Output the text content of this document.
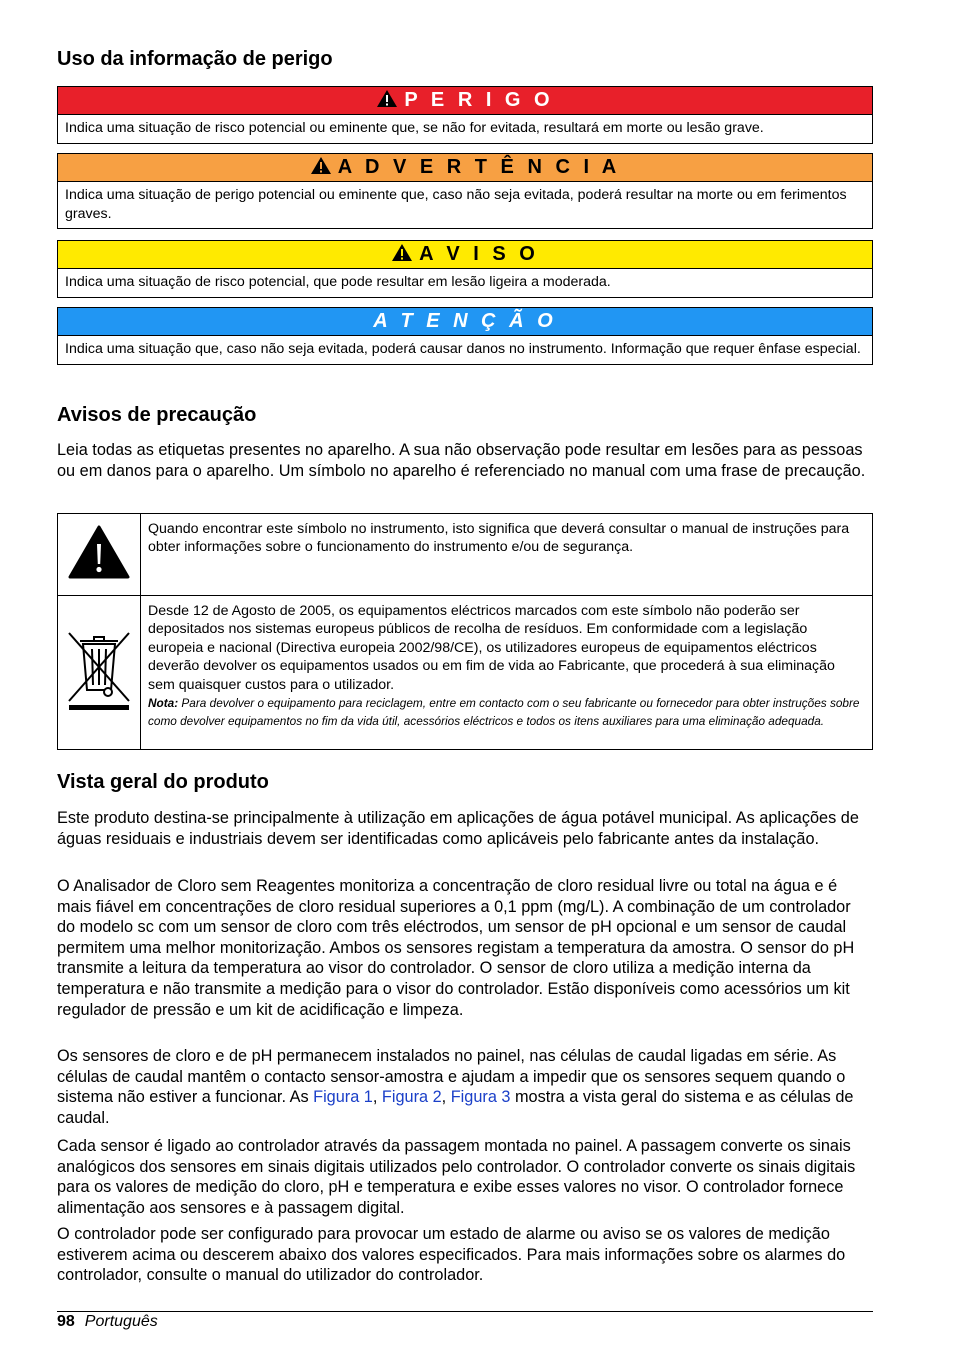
Uso da informação de perigo
P E R I G O
Indica uma situação de risco potencial ou eminente que, se não for evitada, resultará em morte ou lesão grave.
A D V E R T Ê N C I A
Indica uma situação de perigo potencial ou eminente que, caso não seja evitada, poderá resultar na morte ou em ferimentos graves.
A V I S O
Indica uma situação de risco potencial, que pode resultar em lesão ligeira a moderada.
A T E N Ç Ã O
Indica uma situação que, caso não seja evitada, poderá causar danos no instrumento. Informação que requer ênfase especial.
Avisos de precaução

Leia todas as etiquetas presentes no aparelho. A sua não observação pode resultar em lesões para as pessoas ou em danos para o aparelho. Um símbolo no aparelho é referenciado no manual com uma frase de precaução.

	Quando encontrar este símbolo no instrumento, isto significa que deverá consultar o manual de instruções para obter informações sobre o funcionamento do instrumento e/ou de segurança.
	Desde 12 de Agosto de 2005, os equipamentos eléctricos marcados com este símbolo não poderão ser depositados nos sistemas europeus públicos de recolha de resíduos. Em conformidade com a legislação europeia e nacional (Directiva europeia 2002/98/CE), os utilizadores europeus de equipamentos eléctricos deverão devolver os equipamentos usados ou em fim de vida ao Fabricante, que procederá à sua eliminação sem quaisquer custos para o utilizador.
Nota: Para devolver o equipamento para reciclagem, entre em contacto com o seu fabricante ou fornecedor para obter instruções sobre como devolver equipamentos no fim da vida útil, acessórios eléctricos e todos os itens auxiliares para uma eliminação adequada.
Vista geral do produto

Este produto destina-se principalmente à utilização em aplicações de água potável municipal. As aplicações de águas residuais e industriais devem ser identificadas como aplicáveis pelo fabricante antes da instalação.

O Analisador de Cloro sem Reagentes monitoriza a concentração de cloro residual livre ou total na água e é mais fiável em concentrações de cloro residual superiores a 0,1 ppm (mg/L). A combinação de um controlador do modelo sc com um sensor de cloro com três eléctrodos, um sensor de pH opcional e um sensor de caudal permitem uma melhor monitorização. Ambos os sensores registam a temperatura da amostra. O sensor do pH transmite a leitura da temperatura ao visor do controlador. O sensor de cloro utiliza a medição interna da temperatura e não transmite a medição para o visor do controlador. Estão disponíveis como acessórios um kit regulador de pressão e um kit de acidificação e limpeza.

Os sensores de cloro e de pH permanecem instalados no painel, nas células de caudal ligadas em série. As células de caudal mantêm o contacto sensor-amostra e ajudam a impedir que os sensores sequem quando o sistema não estiver a funcionar. As Figura 1, Figura 2, Figura 3 mostra a vista geral do sistema e as células de caudal.

Cada sensor é ligado ao controlador através da passagem montada no painel. A passagem converte os sinais analógicos dos sensores em sinais digitais utilizados pelo controlador. O controlador converte os sinais digitais para os valores de medição do cloro, pH e temperatura e exibe esses valores no visor. O controlador fornece alimentação aos sensores e à passagem digital.

O controlador pode ser configurado para provocar um estado de alarme ou aviso se os valores de medição estiverem acima ou descerem abaixo dos valores especificados. Para mais informações sobre os alarmes do controlador, consulte o manual do utilizador do controlador.

98 Português
